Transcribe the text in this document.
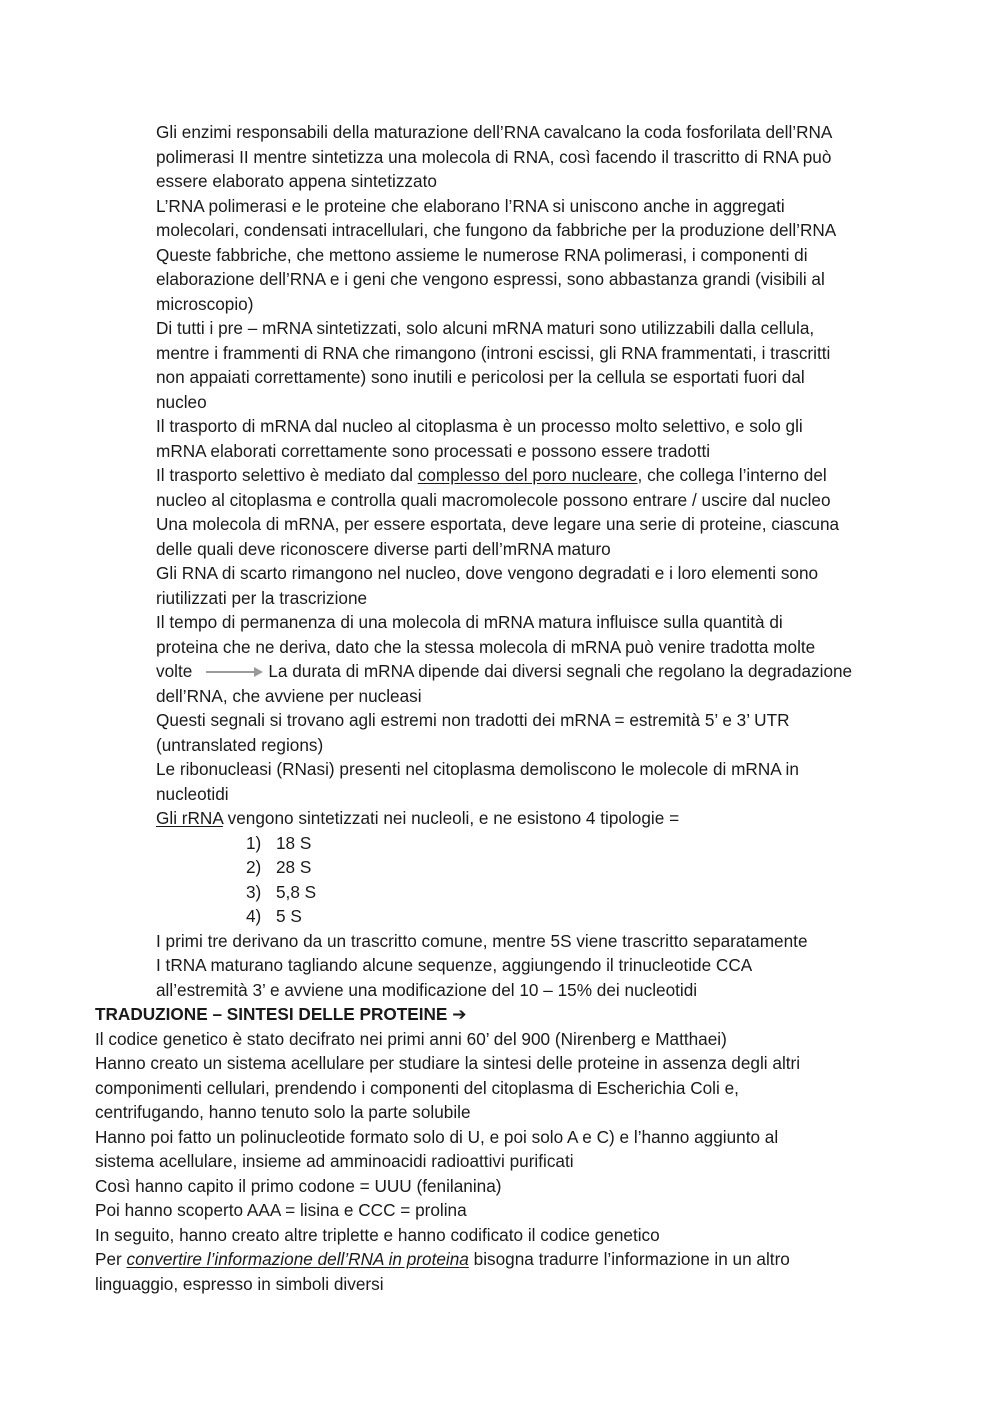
Gli enzimi responsabili della maturazione dell’RNA cavalcano la coda fosforilata dell’RNA
polimerasi II mentre sintetizza una molecola di RNA, così facendo il trascritto di RNA può
essere elaborato appena sintetizzato
L’RNA polimerasi e le proteine che elaborano l’RNA si uniscono anche in aggregati
molecolari, condensati intracellulari, che fungono da fabbriche per la produzione dell’RNA
Queste fabbriche, che mettono assieme le numerose RNA polimerasi, i componenti di
elaborazione dell’RNA e i geni che vengono espressi, sono abbastanza grandi (visibili al
microscopio)
Di tutti i pre – mRNA sintetizzati, solo alcuni mRNA maturi sono utilizzabili dalla cellula,
mentre i frammenti di RNA che rimangono (introni escissi, gli RNA frammentati, i trascritti
non appaiati correttamente) sono inutili e pericolosi per la cellula se esportati fuori dal
nucleo
Il trasporto di mRNA dal nucleo al citoplasma è un processo molto selettivo, e solo gli
mRNA elaborati correttamente sono processati e possono essere tradotti
Il trasporto selettivo è mediato dal complesso del poro nucleare, che collega l’interno del
nucleo al citoplasma e controlla quali macromolecole possono entrare / uscire dal nucleo
Una molecola di mRNA, per essere esportata, deve legare una serie di proteine, ciascuna
delle quali deve riconoscere diverse parti dell’mRNA maturo
Gli RNA di scarto rimangono nel nucleo, dove vengono degradati e i loro elementi sono
riutilizzati per la trascrizione
Il tempo di permanenza di una molecola di mRNA matura influisce sulla quantità di
proteina che ne deriva, dato che la stessa molecola di mRNA può venire tradotta molte
volte	La durata di mRNA dipende dai diversi segnali che regolano la degradazione
dell’RNA, che avviene per nucleasi
Questi segnali si trovano agli estremi non tradotti dei mRNA = estremità 5’ e 3’ UTR
(untranslated regions)
Le ribonucleasi (RNasi) presenti nel citoplasma demoliscono le molecole di mRNA in
nucleotidi
Gli rRNA vengono sintetizzati nei nucleoli, e ne esistono 4 tipologie =
1) 18 S
2) 28 S
3) 5,8 S
4) 5 S
I primi tre derivano da un trascritto comune, mentre 5S viene trascritto separatamente
I tRNA maturano tagliando alcune sequenze, aggiungendo il trinucleotide CCA
all’estremità 3’ e avviene una modificazione del 10 – 15% dei nucleotidi
TRADUZIONE – SINTESI DELLE PROTEINE ➔
Il codice genetico è stato decifrato nei primi anni 60’ del 900 (Nirenberg e Matthaei)
Hanno creato un sistema acellulare per studiare la sintesi delle proteine in assenza degli altri
componimenti cellulari, prendendo i componenti del citoplasma di Escherichia Coli e,
centrifugando, hanno tenuto solo la parte solubile
Hanno poi fatto un polinucleotide formato solo di U, e poi solo A e C) e l’hanno aggiunto al
sistema acellulare, insieme ad amminoacidi radioattivi purificati
Così hanno capito il primo codone = UUU (fenilanina)
Poi hanno scoperto AAA = lisina e CCC = prolina
In seguito, hanno creato altre triplette e hanno codificato il codice genetico
Per convertire l’informazione dell’RNA in proteina bisogna tradurre l’informazione in un altro
linguaggio, espresso in simboli diversi
